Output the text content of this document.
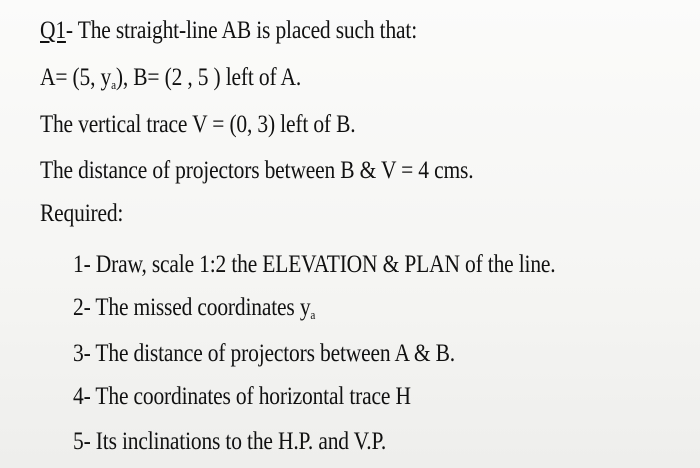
Q1- The straight-line AB is placed such that:
A= (5, $y_a$), B= (2 , 5 ) left of A.
The vertical trace V = (0, 3) left of B.
The distance of projectors between B & V = 4 cms.
Required:
1- Draw, scale 1:2 the ELEVATION & PLAN of the line.
2- The missed coordinates $y_a$
3- The distance of projectors between A & B.
4- The coordinates of horizontal trace H
5- Its inclinations to the H.P. and V.P.
